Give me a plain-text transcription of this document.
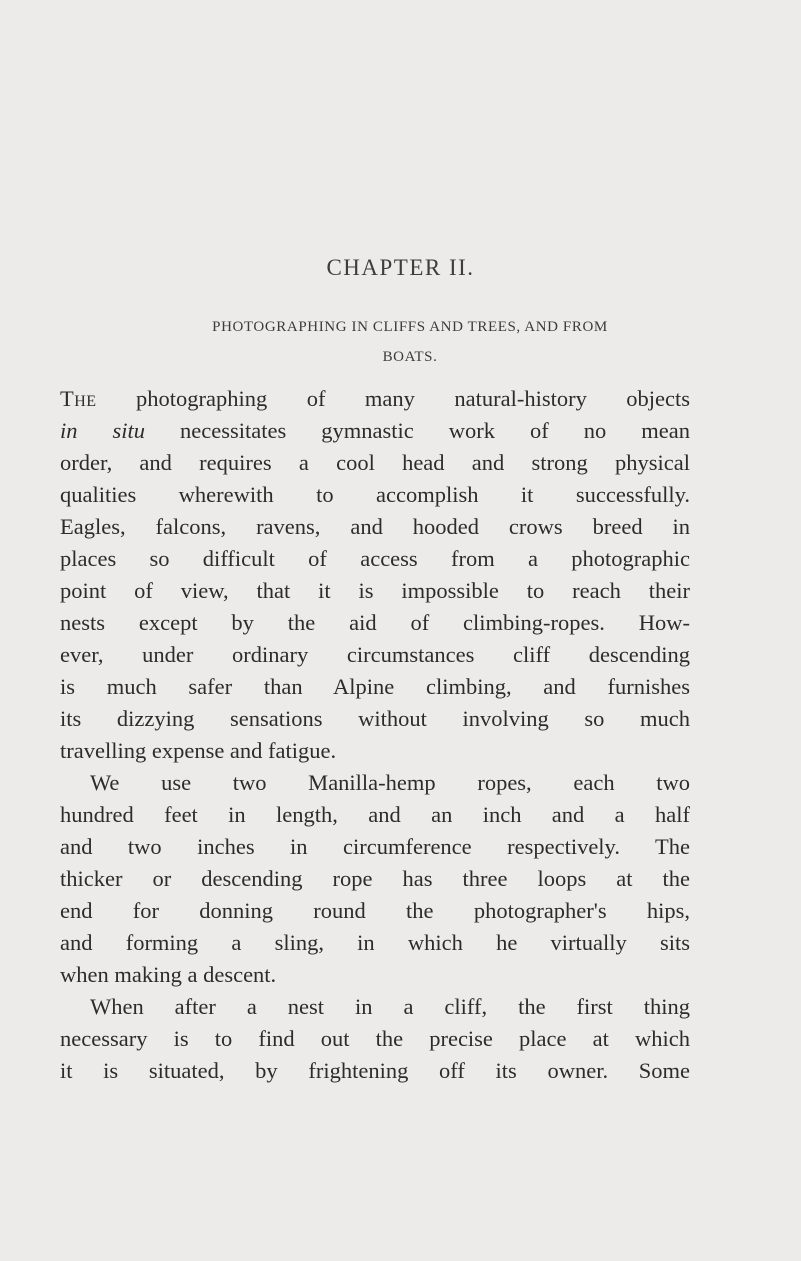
CHAPTER II.
PHOTOGRAPHING IN CLIFFS AND TREES, AND FROM
BOATS.
The photographing of many natural-history objects
in situ necessitates gymnastic work of no mean
order, and requires a cool head and strong physical
qualities wherewith to accomplish it successfully.
Eagles, falcons, ravens, and hooded crows breed in
places so difficult of access from a photographic
point of view, that it is impossible to reach their
nests except by the aid of climbing-ropes. How-
ever, under ordinary circumstances cliff descending
is much safer than Alpine climbing, and furnishes
its dizzying sensations without involving so much
travelling expense and fatigue.
We use two Manilla-hemp ropes, each two
hundred feet in length, and an inch and a half
and two inches in circumference respectively. The
thicker or descending rope has three loops at the
end for donning round the photographer's hips,
and forming a sling, in which he virtually sits
when making a descent.
When after a nest in a cliff, the first thing
necessary is to find out the precise place at which
it is situated, by frightening off its owner. Some
